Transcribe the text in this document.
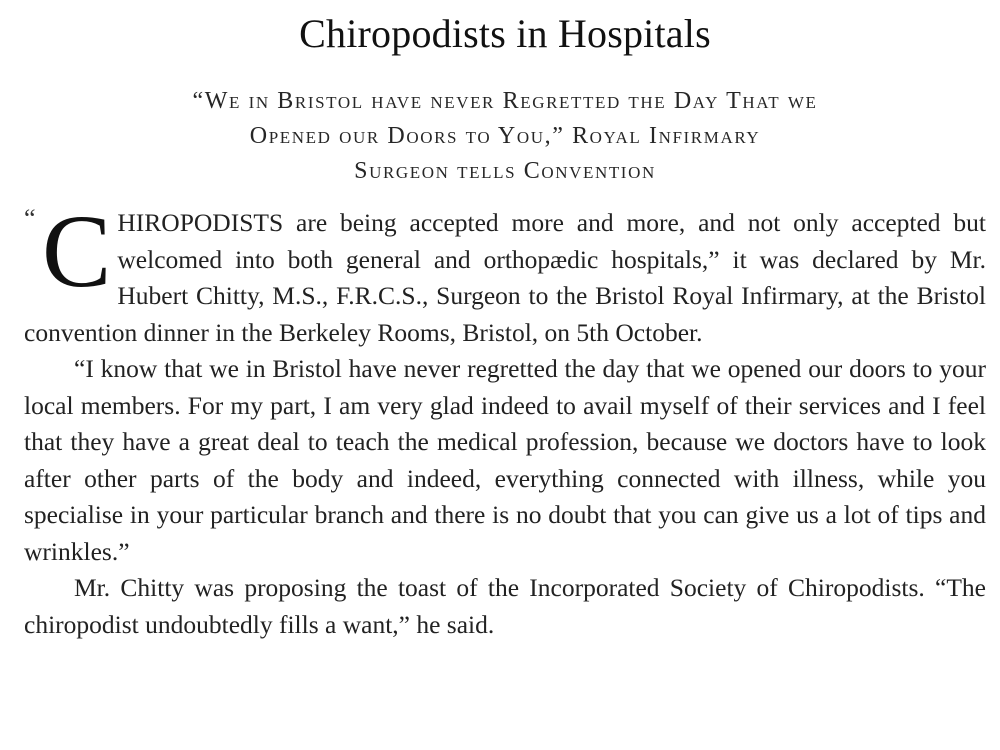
Chiropodists in Hospitals
“We in Bristol have never Regretted the Day That we
Opened our Doors to You,” Royal Infirmary
Surgeon tells Convention
“ C HIROPODISTS are being accepted more and more, and not only accepted but welcomed into both general and orthopædic hospitals,” it was declared by Mr. Hubert Chitty, M.S., F.R.C.S., Surgeon to the Bristol Royal Infirmary, at the Bristol convention dinner in the Berkeley Rooms, Bristol, on 5th October.

“I know that we in Bristol have never regretted the day that we opened our doors to your local members. For my part, I am very glad indeed to avail myself of their services and I feel that they have a great deal to teach the medical profession, because we doctors have to look after other parts of the body and indeed, everything connected with illness, while you specialise in your particular branch and there is no doubt that you can give us a lot of tips and wrinkles.”

Mr. Chitty was proposing the toast of the Incorporated Society of Chiropodists. “The chiropodist undoubtedly fills a want,” he said.
